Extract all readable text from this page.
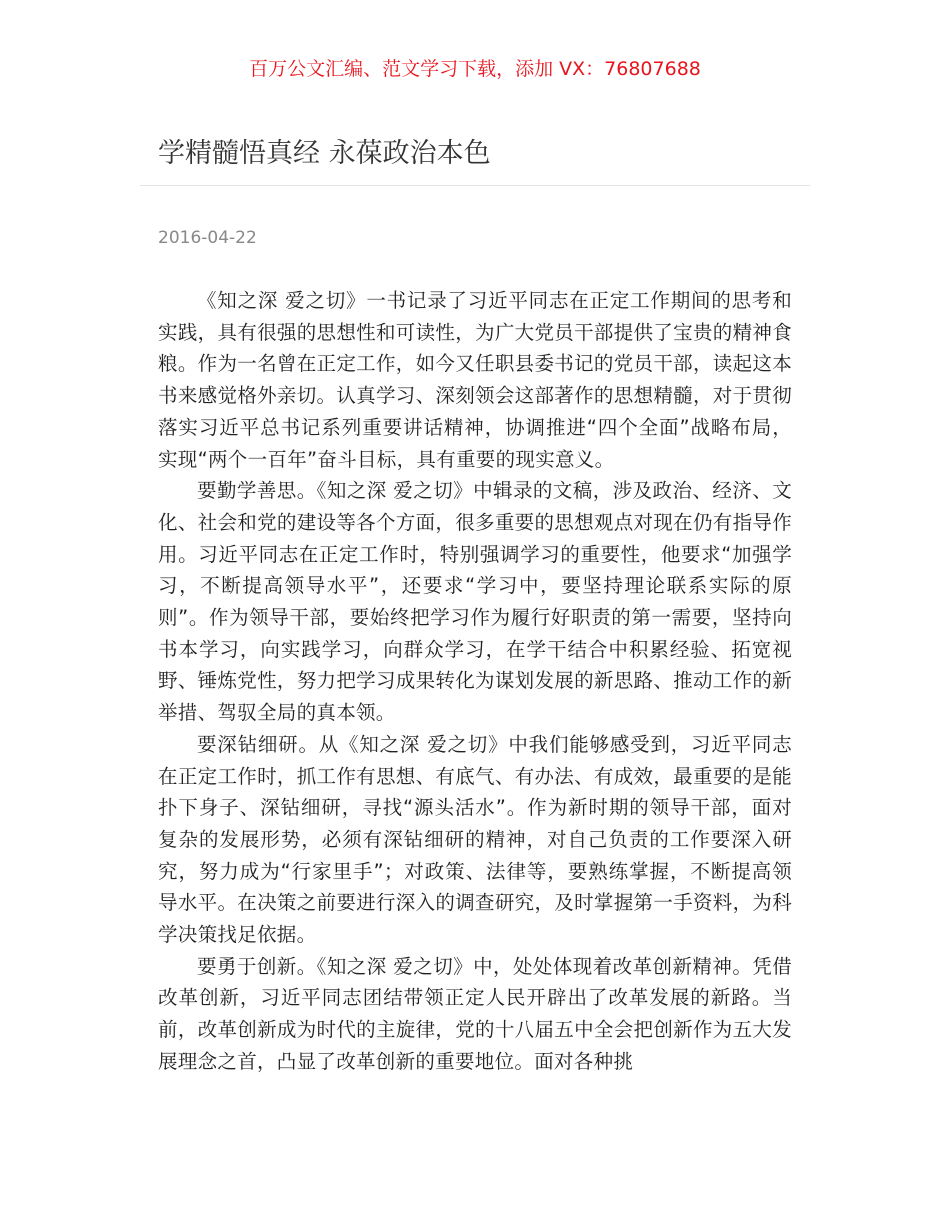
百万公文汇编、范文学习下载，添加 VX：76807688
学精髓悟真经 永葆政治本色
2016-04-22

《知之深 爱之切》一书记录了习近平同志在正定工作期间的思考和实践，具有很强的思想性和可读性，为广大党员干部提供了宝贵的精神食粮。作为一名曾在正定工作，如今又任职县委书记的党员干部，读起这本书来感觉格外亲切。认真学习、深刻领会这部著作的思想精髓，对于贯彻落实习近平总书记系列重要讲话精神，协调推进“四个全面”战略布局，实现“两个一百年”奋斗目标，具有重要的现实意义。

要勤学善思。《知之深 爱之切》中辑录的文稿，涉及政治、经济、文化、社会和党的建设等各个方面，很多重要的思想观点对现在仍有指导作用。习近平同志在正定工作时，特别强调学习的重要性，他要求“加强学习，不断提高领导水平”，还要求“学习中，要坚持理论联系实际的原则”。作为领导干部，要始终把学习作为履行好职责的第一需要，坚持向书本学习，向实践学习，向群众学习，在学干结合中积累经验、拓宽视野、锤炼党性，努力把学习成果转化为谋划发展的新思路、推动工作的新举措、驾驭全局的真本领。

要深钻细研。从《知之深 爱之切》中我们能够感受到，习近平同志在正定工作时，抓工作有思想、有底气、有办法、有成效，最重要的是能扑下身子、深钻细研，寻找“源头活水”。作为新时期的领导干部，面对复杂的发展形势，必须有深钻细研的精神，对自己负责的工作要深入研究，努力成为“行家里手”；对政策、法律等，要熟练掌握，不断提高领导水平。在决策之前要进行深入的调查研究，及时掌握第一手资料，为科学决策找足依据。

要勇于创新。《知之深 爱之切》中，处处体现着改革创新精神。凭借改革创新，习近平同志团结带领正定人民开辟出了改革发展的新路。当前，改革创新成为时代的主旋律，党的十八届五中全会把创新作为五大发展理念之首，凸显了改革创新的重要地位。面对各种挑
